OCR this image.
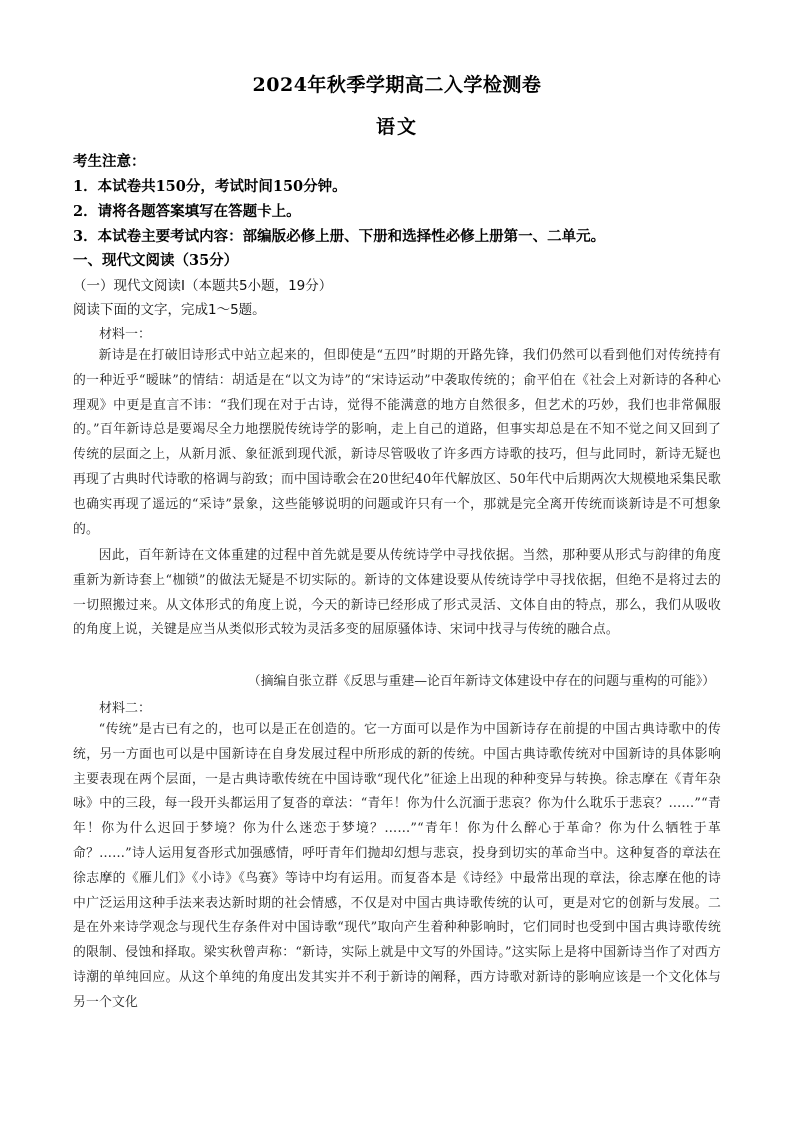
2024年秋季学期高二入学检测卷
语文
考生注意：
1．本试卷共150分，考试时间150分钟。
2．请将各题答案填写在答题卡上。
3．本试卷主要考试内容：部编版必修上册、下册和选择性必修上册第一、二单元。
一、现代文阅读（35分）
（一）现代文阅读Ⅰ（本题共5小题，19分）
阅读下面的文字，完成1～5题。
材料一：
新诗是在打破旧诗形式中站立起来的，但即使是“五四”时期的开路先锋，我们仍然可以看到他们对传统持有的一种近乎“暧昧”的情结：胡适是在“以文为诗”的“宋诗运动”中袭取传统的；俞平伯在《社会上对新诗的各种心理观》中更是直言不讳：“我们现在对于古诗，觉得不能满意的地方自然很多，但艺术的巧妙，我们也非常佩服的。”百年新诗总是要竭尽全力地摆脱传统诗学的影响，走上自己的道路，但事实却总是在不知不觉之间又回到了传统的层面之上，从新月派、象征派到现代派，新诗尽管吸收了许多西方诗歌的技巧，但与此同时，新诗无疑也再现了古典时代诗歌的格调与韵致；而中国诗歌会在20世纪40年代解放区、50年代中后期两次大规模地采集民歌也确实再现了遥远的“采诗”景象，这些能够说明的问题或许只有一个，那就是完全离开传统而谈新诗是不可想象的。
因此，百年新诗在文体重建的过程中首先就是要从传统诗学中寻找依据。当然，那种要从形式与韵律的角度重新为新诗套上“枷锁”的做法无疑是不切实际的。新诗的文体建设要从传统诗学中寻找依据，但绝不是将过去的一切照搬过来。从文体形式的角度上说，今天的新诗已经形成了形式灵活、文体自由的特点，那么，我们从吸收的角度上说，关键是应当从类似形式较为灵活多变的屈原骚体诗、宋词中找寻与传统的融合点。
（摘编自张立群《反思与重建—论百年新诗文体建设中存在的问题与重构的可能》）
材料二：
“传统”是古已有之的，也可以是正在创造的。它一方面可以是作为中国新诗存在前提的中国古典诗歌中的传统，另一方面也可以是中国新诗在自身发展过程中所形成的新的传统。中国古典诗歌传统对中国新诗的具体影响主要表现在两个层面，一是古典诗歌传统在中国诗歌“现代化”征途上出现的种种变异与转换。徐志摩在《青年杂咏》中的三段，每一段开头都运用了复沓的章法：“青年！你为什么沉湎于悲哀？你为什么耽乐于悲哀？……”“青年！你为什么迟回于梦境？你为什么迷恋于梦境？……”“青年！你为什么醉心于革命？你为什么牺牲于革命？……”诗人运用复沓形式加强感情，呼吁青年们抛却幻想与悲哀，投身到切实的革命当中。这种复沓的章法在徐志摩的《雁儿们》《小诗》《鸟赛》等诗中均有运用。而复沓本是《诗经》中最常出现的章法，徐志摩在他的诗中广泛运用这种手法来表达新时期的社会情感，不仅是对中国古典诗歌传统的认可，更是对它的创新与发展。二是在外来诗学观念与现代生存条件对中国诗歌“现代”取向产生着种种影响时，它们同时也受到中国古典诗歌传统的限制、侵蚀和择取。梁实秋曾声称：“新诗，实际上就是中文写的外国诗。”这实际上是将中国新诗当作了对西方诗潮的单纯回应。从这个单纯的角度出发其实并不利于新诗的阐释，西方诗歌对新诗的影响应该是一个文化体与另一个文化
